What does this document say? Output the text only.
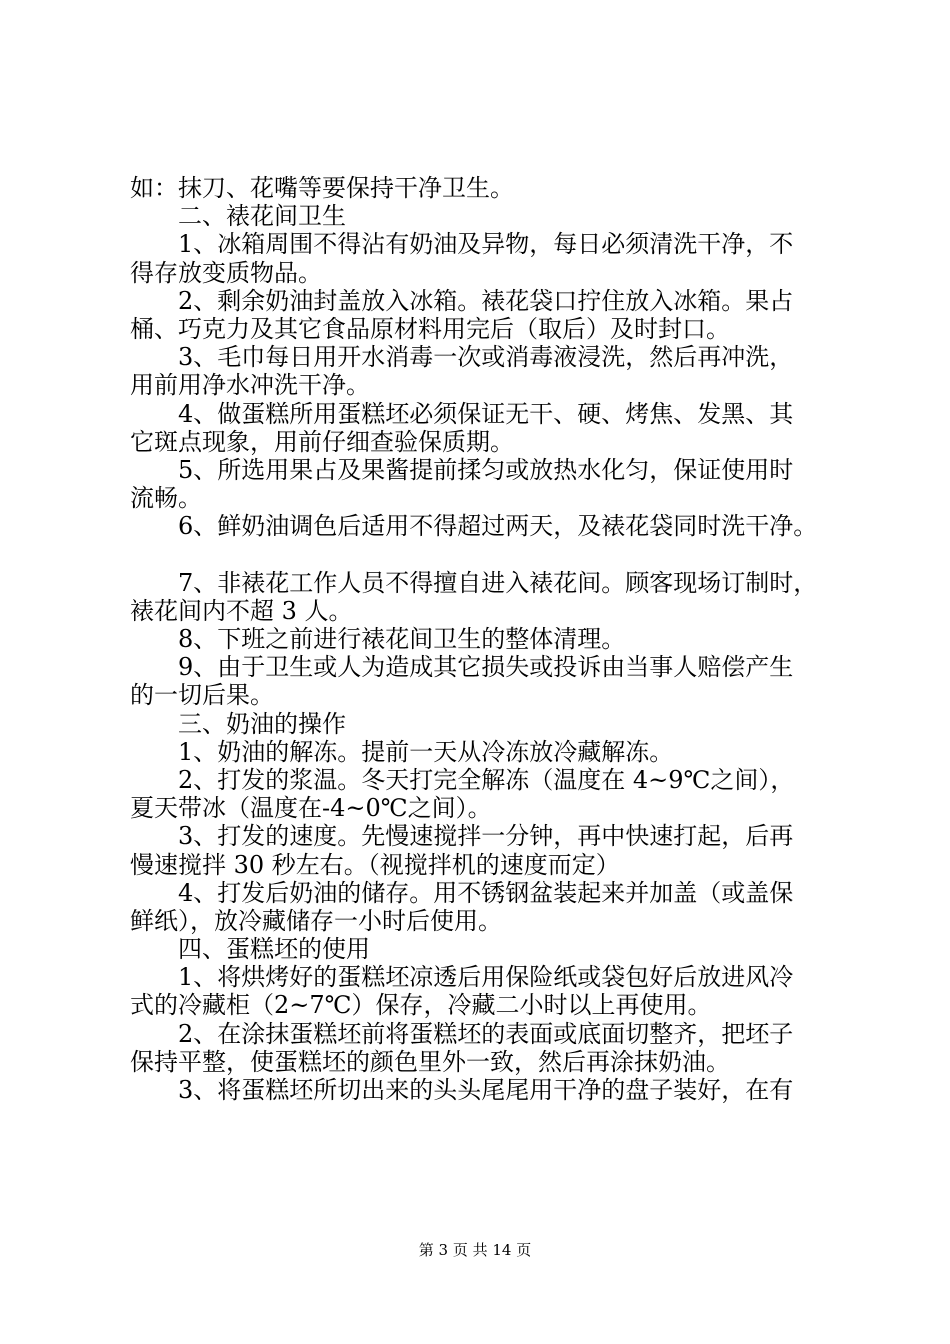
如：抹刀、花嘴等要保持干净卫生。
二、裱花间卫生
1、冰箱周围不得沾有奶油及异物，每日必须清洗干净，不
得存放变质物品。
2、剩余奶油封盖放入冰箱。裱花袋口拧住放入冰箱。果占
桶、巧克力及其它食品原材料用完后（取后）及时封口。
3、毛巾每日用开水消毒一次或消毒液浸洗，然后再冲洗，
用前用净水冲洗干净。
4、做蛋糕所用蛋糕坯必须保证无干、硬、烤焦、发黑、其
它斑点现象，用前仔细查验保质期。
5、所选用果占及果酱提前揉匀或放热水化匀，保证使用时
流畅。
6、鲜奶油调色后适用不得超过两天，及裱花袋同时洗干净。
7、非裱花工作人员不得擅自进入裱花间。顾客现场订制时，
裱花间内不超 3 人。
8、下班之前进行裱花间卫生的整体清理。
9、由于卫生或人为造成其它损失或投诉由当事人赔偿产生
的一切后果。
三、奶油的操作
1、奶油的解冻。提前一天从冷冻放冷藏解冻。
2、打发的浆温。冬天打完全解冻（温度在 4~9℃之间），
夏天带冰（温度在-4~0℃之间）。
3、打发的速度。先慢速搅拌一分钟，再中快速打起，后再
慢速搅拌 30 秒左右。（视搅拌机的速度而定）
4、打发后奶油的储存。用不锈钢盆装起来并加盖（或盖保
鲜纸），放冷藏储存一小时后使用。
四、蛋糕坯的使用
1、将烘烤好的蛋糕坯凉透后用保险纸或袋包好后放进风冷
式的冷藏柜（2~7℃）保存，冷藏二小时以上再使用。
2、在涂抹蛋糕坯前将蛋糕坯的表面或底面切整齐，把坯子
保持平整，使蛋糕坯的颜色里外一致，然后再涂抹奶油。
3、将蛋糕坯所切出来的头头尾尾用干净的盘子装好，在有
第 3 页 共 14 页
